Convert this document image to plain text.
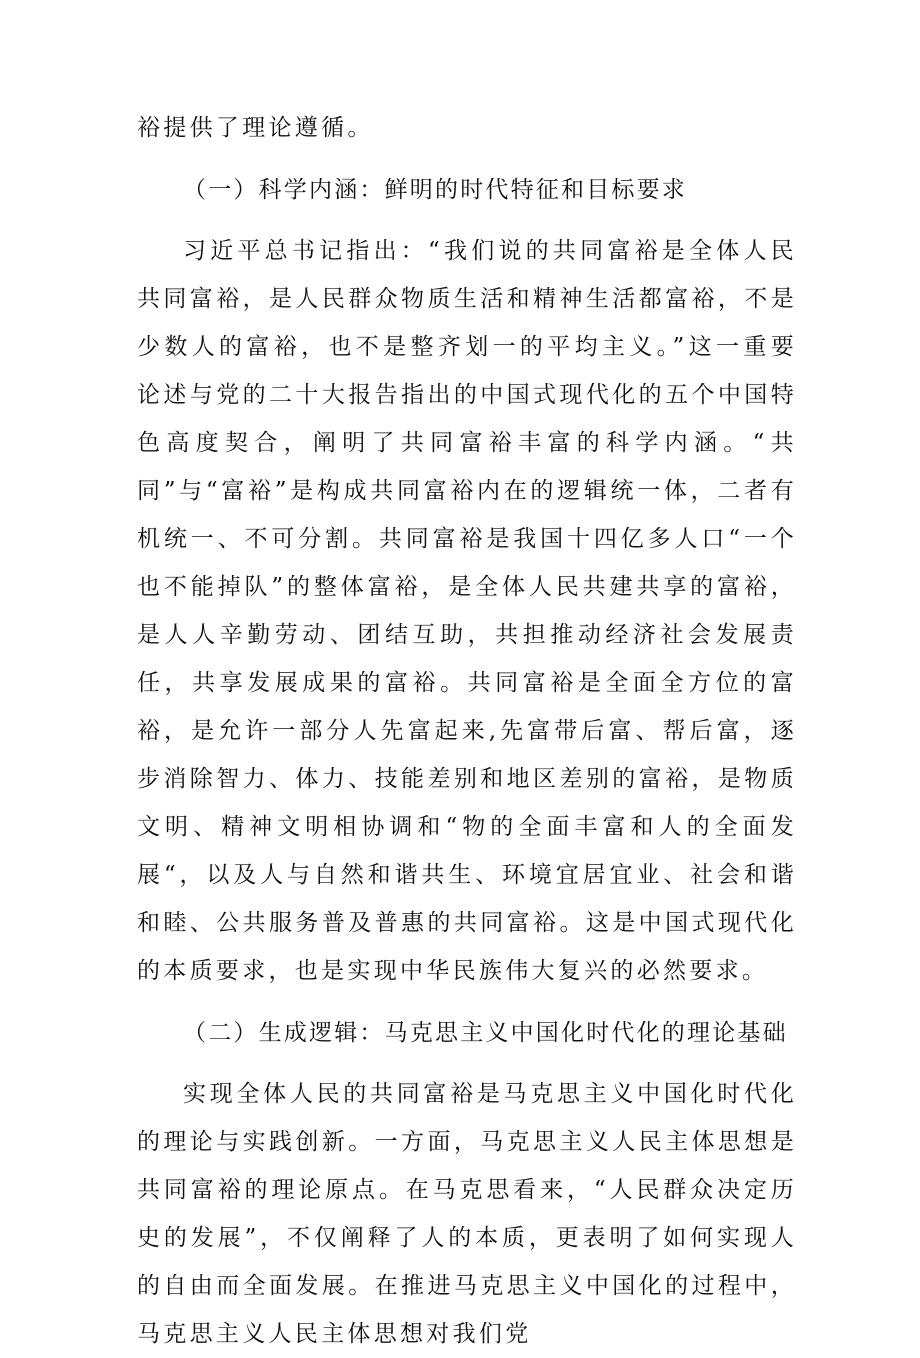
裕提供了理论遵循。

（一）科学内涵：鲜明的时代特征和目标要求

习近平总书记指出：“我们说的共同富裕是全体人民共同富裕，是人民群众物质生活和精神生活都富裕，不是少数人的富裕，也不是整齐划一的平均主义。”这一重要论述与党的二十大报告指出的中国式现代化的五个中国特色高度契合，阐明了共同富裕丰富的科学内涵。“共同”与“富裕”是构成共同富裕内在的逻辑统一体，二者有机统一、不可分割。共同富裕是我国十四亿多人口“一个也不能掉队”的整体富裕，是全体人民共建共享的富裕，是人人辛勤劳动、团结互助，共担推动经济社会发展责任，共享发展成果的富裕。共同富裕是全面全方位的富裕，是允许一部分人先富起来,先富带后富、帮后富，逐步消除智力、体力、技能差别和地区差别的富裕，是物质文明、精神文明相协调和“物的全面丰富和人的全面发展“，以及人与自然和谐共生、环境宜居宜业、社会和谐和睦、公共服务普及普惠的共同富裕。这是中国式现代化的本质要求，也是实现中华民族伟大复兴的必然要求。

（二）生成逻辑：马克思主义中国化时代化的理论基础

实现全体人民的共同富裕是马克思主义中国化时代化的理论与实践创新。一方面，马克思主义人民主体思想是共同富裕的理论原点。在马克思看来，“人民群众决定历史的发展”，不仅阐释了人的本质，更表明了如何实现人的自由而全面发展。在推进马克思主义中国化的过程中，马克思主义人民主体思想对我们党
